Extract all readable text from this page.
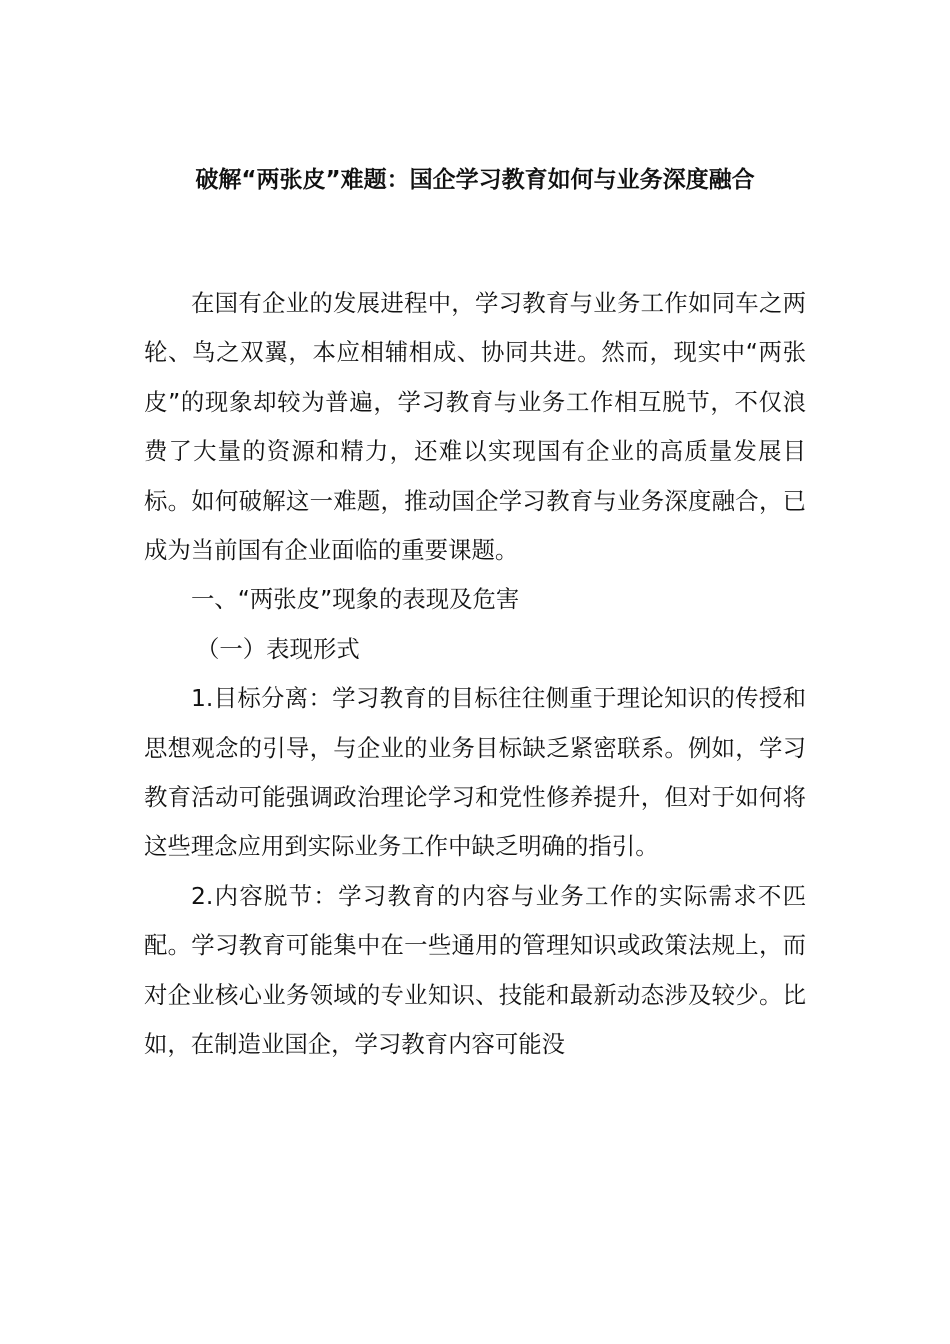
破解“两张皮”难题：国企学习教育如何与业务深度融合

在国有企业的发展进程中，学习教育与业务工作如同车之两轮、鸟之双翼，本应相辅相成、协同共进。然而，现实中“两张皮”的现象却较为普遍，学习教育与业务工作相互脱节，不仅浪费了大量的资源和精力，还难以实现国有企业的高质量发展目标。如何破解这一难题，推动国企学习教育与业务深度融合，已成为当前国有企业面临的重要课题。

一、“两张皮”现象的表现及危害

（一）表现形式

1.目标分离：学习教育的目标往往侧重于理论知识的传授和思想观念的引导，与企业的业务目标缺乏紧密联系。例如，学习教育活动可能强调政治理论学习和党性修养提升，但对于如何将这些理念应用到实际业务工作中缺乏明确的指引。

2.内容脱节：学习教育的内容与业务工作的实际需求不匹配。学习教育可能集中在一些通用的管理知识或政策法规上，而对企业核心业务领域的专业知识、技能和最新动态涉及较少。比如，在制造业国企，学习教育内容可能没
